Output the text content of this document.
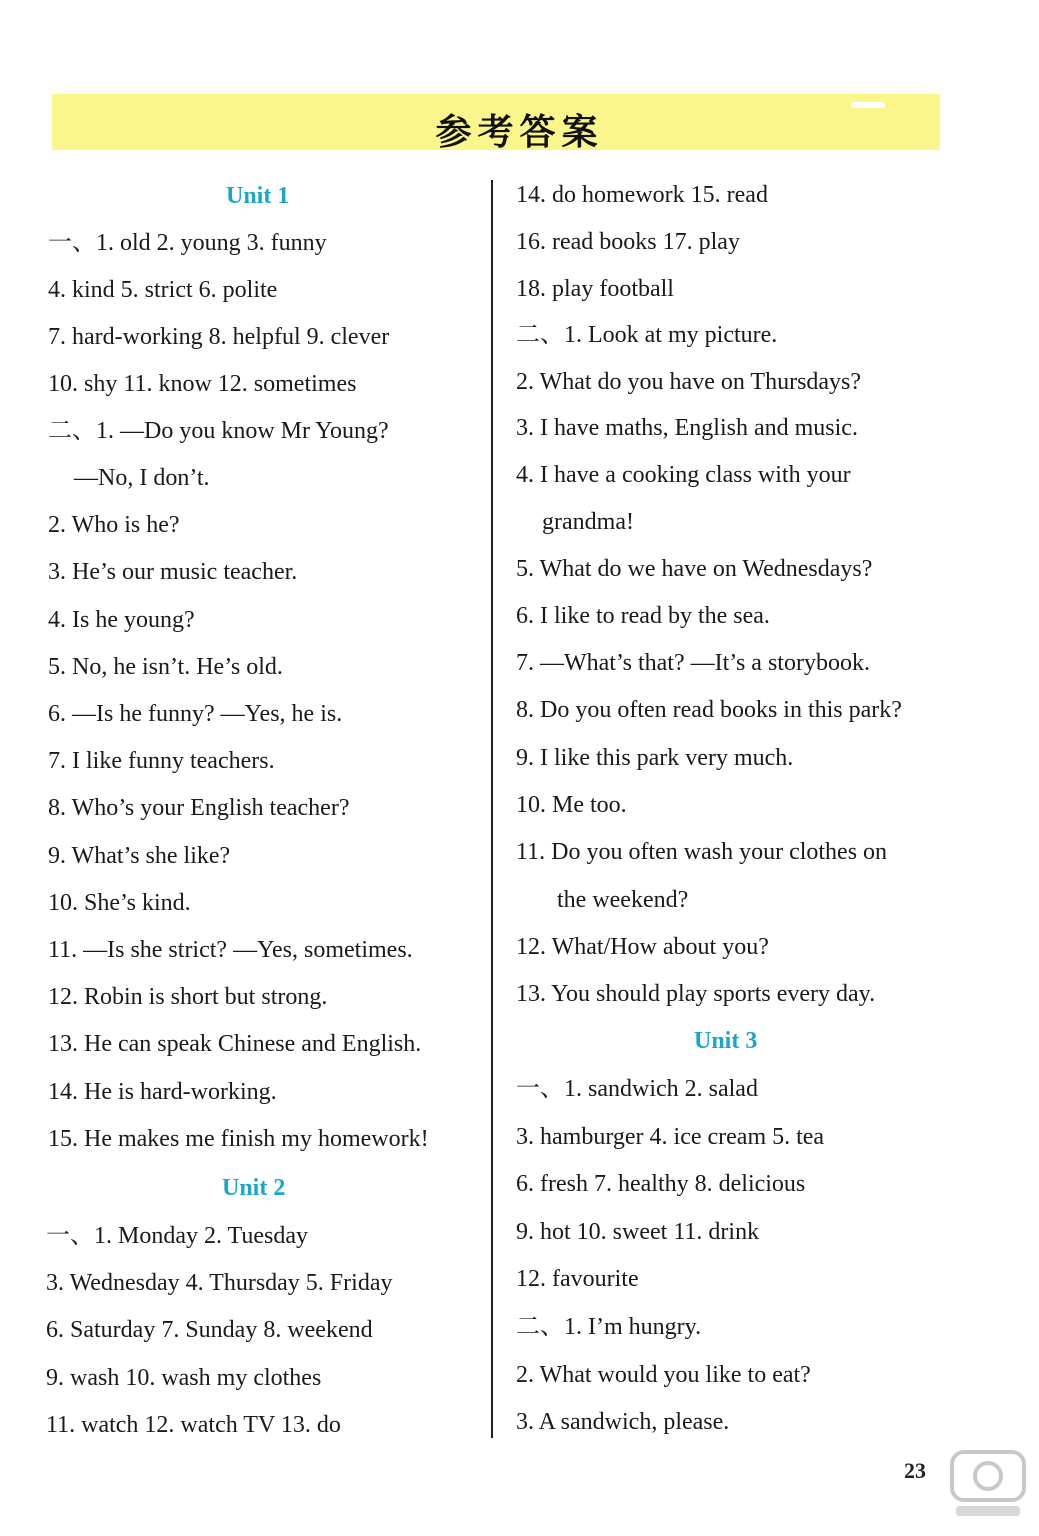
参考答案
Unit 1
Unit 2
Unit 3
一、1. old 2. young 3. funny
4. kind 5. strict 6. polite
7. hard-working 8. helpful 9. clever
10. shy 11. know 12. sometimes
二、1. —Do you know Mr Young?
—No, I don’t.
2. Who is he?
3. He’s our music teacher.
4. Is he young?
5. No, he isn’t. He’s old.
6. —Is he funny? —Yes, he is.
7. I like funny teachers.
8. Who’s your English teacher?
9. What’s she like?
10. She’s kind.
11. —Is she strict? —Yes, sometimes.
12. Robin is short but strong.
13. He can speak Chinese and English.
14. He is hard-working.
15. He makes me finish my homework!
一、1. Monday 2. Tuesday
3. Wednesday 4. Thursday 5. Friday
6. Saturday 7. Sunday 8. weekend
9. wash 10. wash my clothes
11. watch 12. watch TV 13. do
14. do homework 15. read
16. read books 17. play
18. play football
二、1. Look at my picture.
2. What do you have on Thursdays?
3. I have maths, English and music.
4. I have a cooking class with your
grandma!
5. What do we have on Wednesdays?
6. I like to read by the sea.
7. —What’s that? —It’s a storybook.
8. Do you often read books in this park?
9. I like this park very much.
10. Me too.
11. Do you often wash your clothes on
the weekend?
12. What/How about you?
13. You should play sports every day.
一、1. sandwich 2. salad
3. hamburger 4. ice cream 5. tea
6. fresh 7. healthy 8. delicious
9. hot 10. sweet 11. drink
12. favourite
二、1. I’m hungry.
2. What would you like to eat?
3. A sandwich, please.
23
